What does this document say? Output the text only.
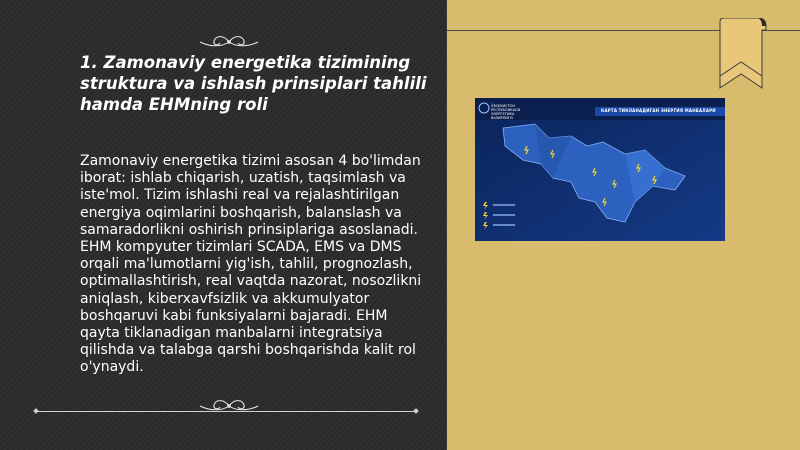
1. Zamonaviy energetika tizimining struktura va ishlash prinsiplari tahlili hamda EHMning roli

Zamonaviy energetika tizimi asosan 4 bo'limdan iborat: ishlab chiqarish, uzatish, taqsimlash va iste'mol. Tizim ishlashi real va rejalashtirilgan energiya oqimlarini boshqarish, balanslash va samaradorlikni oshirish prinsiplariga asoslanadi. EHM kompyuter tizimlari SCADA, EMS va DMS orqali ma'lumotlarni yig'ish, tahlil, prognozlash, optimallashtirish, real vaqtda nazorat, nosozlikni aniqlash, kiberxavfsizlik va akkumulyator boshqaruvi kabi funksiyalarni bajaradi. EHM qayta tiklanadigan manbalarni integratsiya qilishda va talabga qarshi boshqarishda kalit rol o'ynaydi.

ЎЗБЕКИСТОН РЕСПУБЛИКАСИ ЭНЕРГЕТИКА ВАЗИРЛИГИ
КАРТА ТИКЛАНАДИГАН ЭНЕРГИЯ МАНБАЛАРИ
